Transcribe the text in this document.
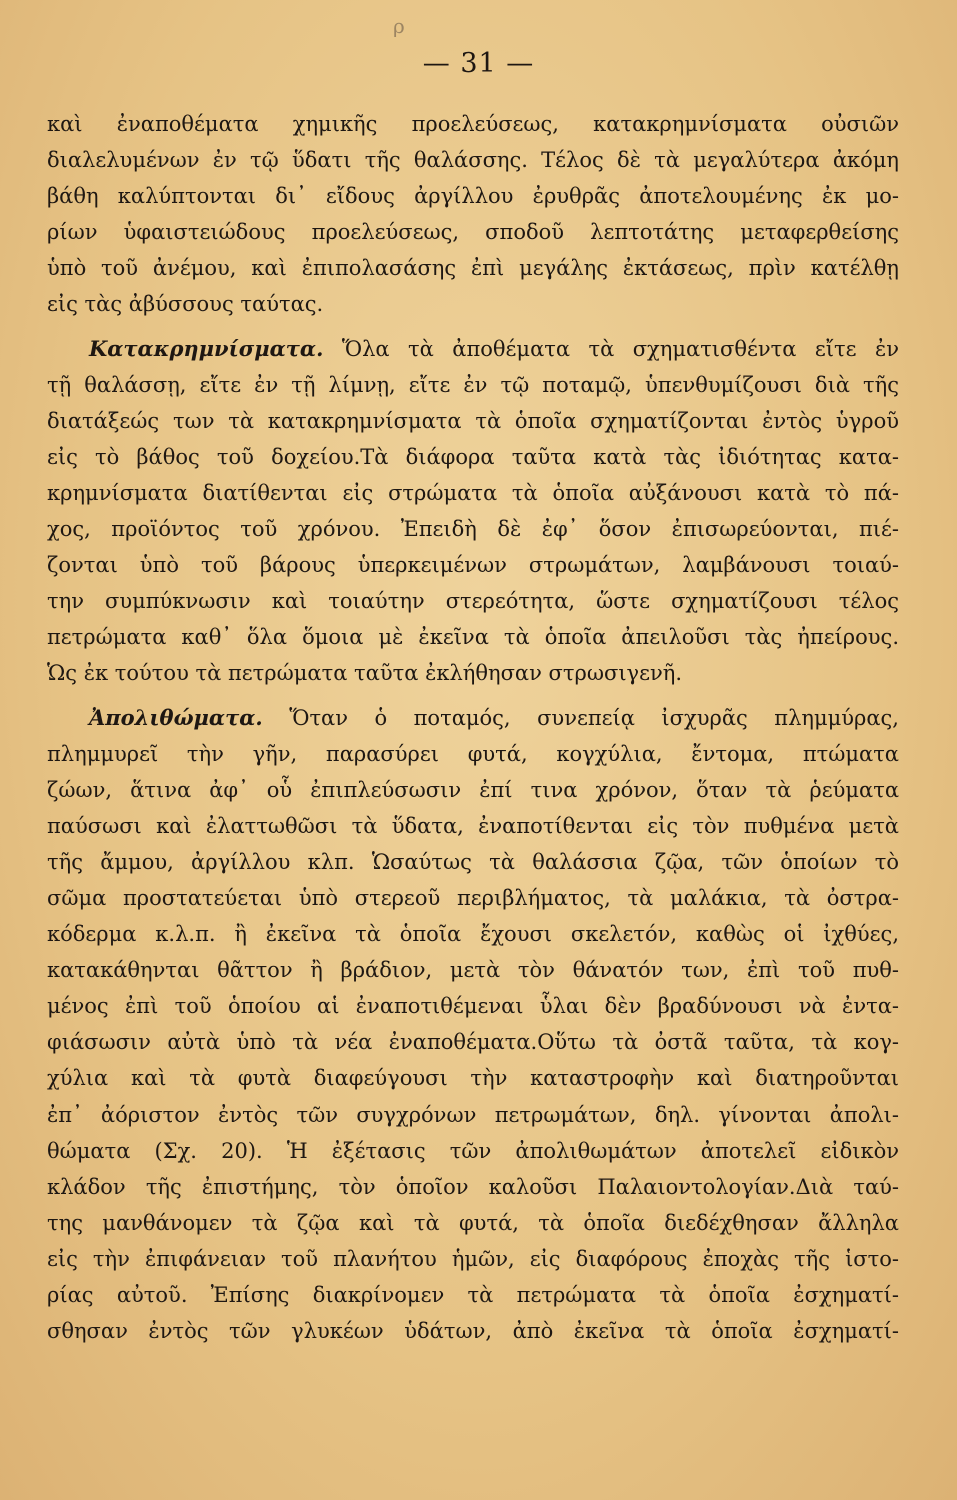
ρ
— 31 —
καὶ ἐναποθέματα χημικῆς προελεύσεως, κατακρημνίσματα οὐσιῶν
διαλελυμένων ἐν τῷ ὕδατι τῆς θαλάσσης. Τέλος δὲ τὰ μεγαλύτερα ἀκόμη
βάθη καλύπτονται δι᾽ εἴδους ἀργίλλου ἐρυθρᾶς ἀποτελουμένης ἐκ μο-
ρίων ὑφαιστειώδους προελεύσεως, σποδοῦ λεπτοτάτης μεταφερθείσης
ὑπὸ τοῦ ἀνέμου, καὶ ἐπιπολασάσης ἐπὶ μεγάλης ἐκτάσεως, πρὶν κατέλθῃ
εἰς τὰς ἀβύσσους ταύτας.
Κατακρημνίσματα. Ὅλα τὰ ἀποθέματα τὰ σχηματισθέντα εἴτε ἐν
τῇ θαλάσσῃ, εἴτε ἐν τῇ λίμνῃ, εἴτε ἐν τῷ ποταμῷ, ὑπενθυμίζουσι διὰ τῆς
διατάξεώς των τὰ κατακρημνίσματα τὰ ὁποῖα σχηματίζονται ἐντὸς ὑγροῦ
εἰς τὸ βάθος τοῦ δοχείου.Τὰ διάφορα ταῦτα κατὰ τὰς ἰδιότητας κατα-
κρημνίσματα διατίθενται εἰς στρώματα τὰ ὁποῖα αὐξάνουσι κατὰ τὸ πά-
χος, προϊόντος τοῦ χρόνου. Ἐπειδὴ δὲ ἐφ᾽ ὅσον ἐπισωρεύονται, πιέ-
ζονται ὑπὸ τοῦ βάρους ὑπερκειμένων στρωμάτων, λαμβάνουσι τοιαύ-
την συμπύκνωσιν καὶ τοιαύτην στερεότητα, ὥστε σχηματίζουσι τέλος
πετρώματα καθ᾽ ὅλα ὅμοια μὲ ἐκεῖνα τὰ ὁποῖα ἀπειλοῦσι τὰς ἠπείρους.
Ὡς ἐκ τούτου τὰ πετρώματα ταῦτα ἐκλήθησαν στρωσιγενῆ.
Ἀπολιθώματα. Ὅταν ὁ ποταμός, συνεπείᾳ ἰσχυρᾶς πλημμύρας,
πλημμυρεῖ τὴν γῆν, παρασύρει φυτά, κογχύλια, ἔντομα, πτώματα
ζώων, ἅτινα ἀφ᾽ οὗ ἐπιπλεύσωσιν ἐπί τινα χρόνον, ὅταν τὰ ῥεύματα
παύσωσι καὶ ἐλαττωθῶσι τὰ ὕδατα, ἐναποτίθενται εἰς τὸν πυθμένα μετὰ
τῆς ἄμμου, ἀργίλλου κλπ. Ὡσαύτως τὰ θαλάσσια ζῷα, τῶν ὁποίων τὸ
σῶμα προστατεύεται ὑπὸ στερεοῦ περιβλήματος, τὰ μαλάκια, τὰ ὀστρα-
κόδερμα κ.λ.π. ἢ ἐκεῖνα τὰ ὁποῖα ἔχουσι σκελετόν, καθὼς οἱ ἰχθύες,
κατακάθηνται θᾶττον ἢ βράδιον, μετὰ τὸν θάνατόν των, ἐπὶ τοῦ πυθ-
μένος ἐπὶ τοῦ ὁποίου αἱ ἐναποτιθέμεναι ὗλαι δὲν βραδύνουσι νὰ ἐντα-
φιάσωσιν αὐτὰ ὑπὸ τὰ νέα ἐναποθέματα.Οὕτω τὰ ὀστᾶ ταῦτα, τὰ κογ-
χύλια καὶ τὰ φυτὰ διαφεύγουσι τὴν καταστροφὴν καὶ διατηροῦνται
ἐπ᾽ ἀόριστον ἐντὸς τῶν συγχρόνων πετρωμάτων, δηλ. γίνονται ἀπολι-
θώματα (Σχ. 20). Ἡ ἐξέτασις τῶν ἀπολιθωμάτων ἀποτελεῖ εἰδικὸν
κλάδον τῆς ἐπιστήμης, τὸν ὁποῖον καλοῦσι Παλαιοντολογίαν.Διὰ ταύ-
της μανθάνομεν τὰ ζῷα καὶ τὰ φυτά, τὰ ὁποῖα διεδέχθησαν ἄλληλα
εἰς τὴν ἐπιφάνειαν τοῦ πλανήτου ἡμῶν, εἰς διαφόρους ἐποχὰς τῆς ἱστο-
ρίας αὐτοῦ. Ἐπίσης διακρίνομεν τὰ πετρώματα τὰ ὁποῖα ἐσχηματί-
σθησαν ἐντὸς τῶν γλυκέων ὑδάτων, ἀπὸ ἐκεῖνα τὰ ὁποῖα ἐσχηματί-
